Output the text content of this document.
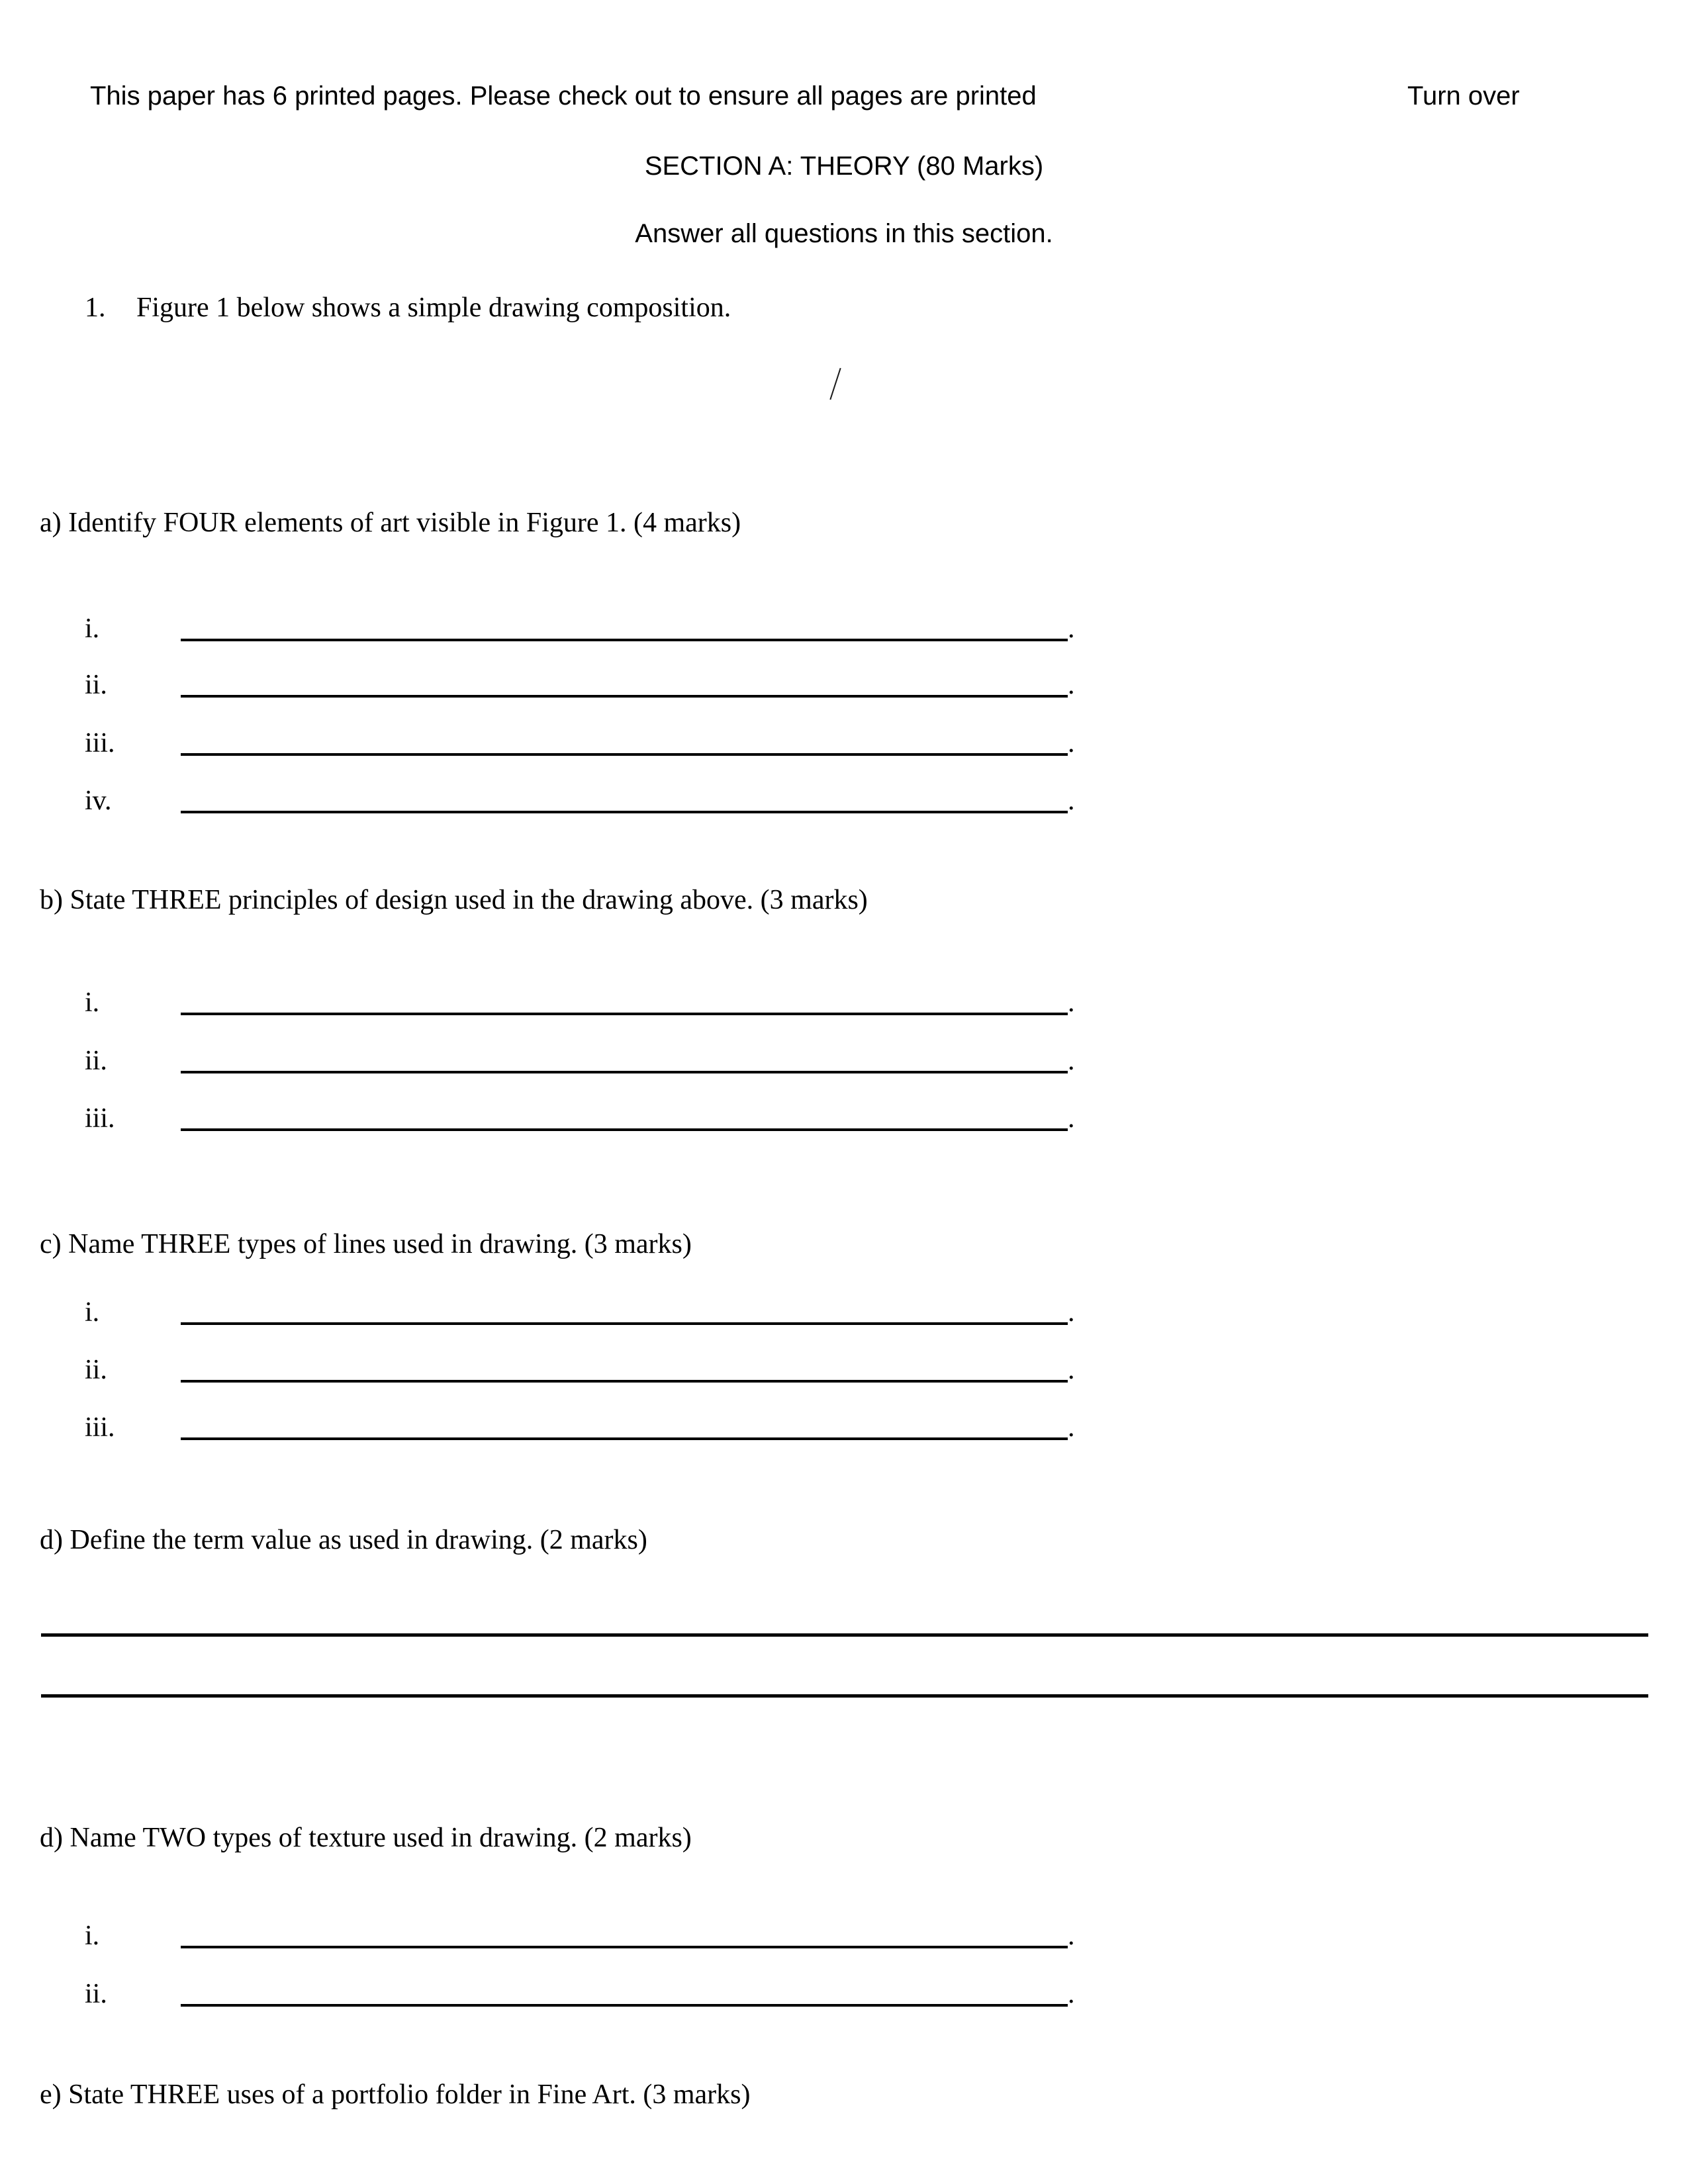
This paper has 6 printed pages. Please check out to ensure all pages are printed	Turn over
SECTION A: THEORY (80 Marks)
Answer all questions in this section.
1. Figure 1 below shows a simple drawing composition.
a) Identify FOUR elements of art visible in Figure 1. (4 marks)
i.	.
ii.	.
iii.	.
iv.	.
b) State THREE principles of design used in the drawing above. (3 marks)
i.	.
ii.	.
iii.	.
c) Name THREE types of lines used in drawing. (3 marks)
i.	.
ii.	.
iii.	.
d) Define the term value as used in drawing. (2 marks)
d) Name TWO types of texture used in drawing. (2 marks)
i.	.
ii.	.
e) State THREE uses of a portfolio folder in Fine Art. (3 marks)
